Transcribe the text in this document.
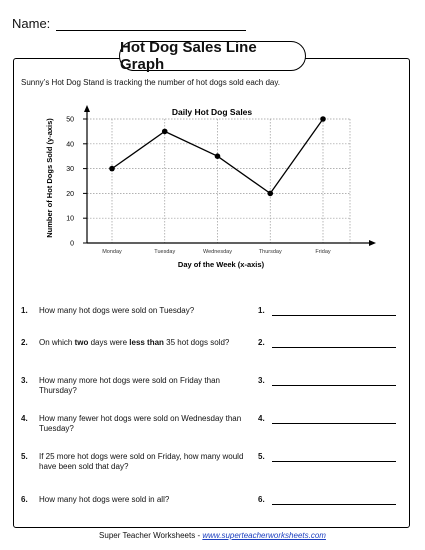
Name:
Hot Dog Sales Line Graph
Sunny’s Hot Dog Stand is tracking the number of hot dogs sold each day.
0
10
20
30
40
50
Monday	Tuesday	Wednesday	Thursday	Friday
Daily Hot Dog Sales
Day of the Week (x-axis)
Number of Hot Dogs Sold (y-axis)
1. How many hot dogs were sold on Tuesday?
2. On which two days were less than 35 hot dogs sold?
3. How many more hot dogs were sold on Friday than Thursday?
4. How many fewer hot dogs were sold on Wednesday than Tuesday?
5. If 25 more hot dogs were sold on Friday, how many would have been sold that day?
6. How many hot dogs were sold in all?
1.
2.
3.
4.
5.
6.
Super Teacher Worksheets - www.superteacherworksheets.com
